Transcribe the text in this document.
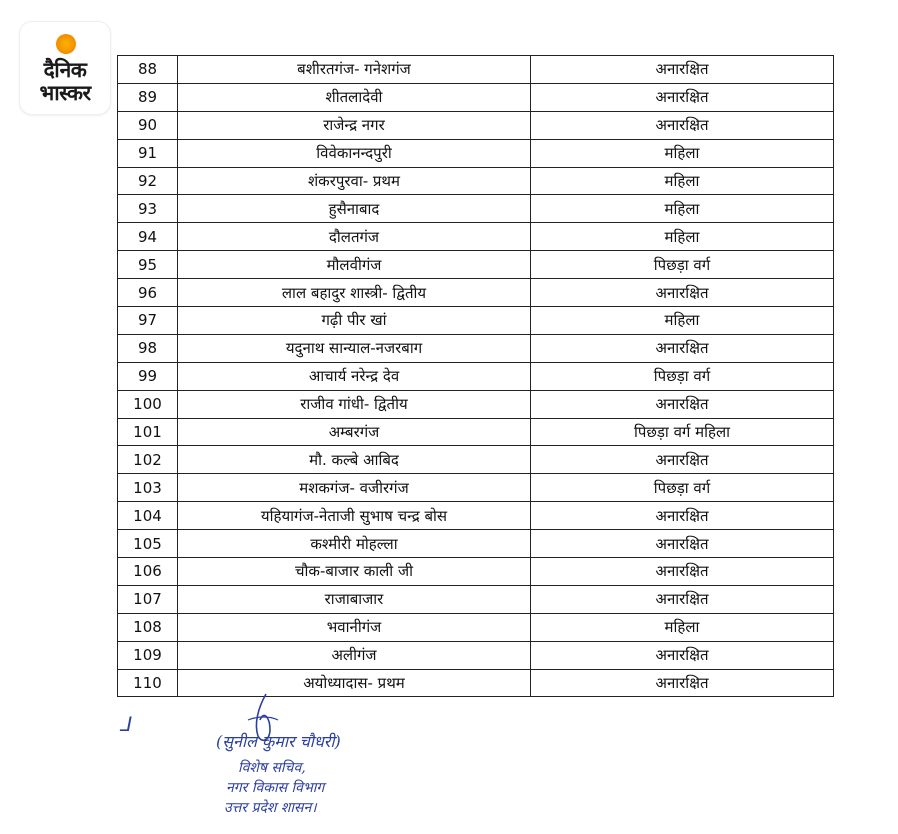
दैनिक
भास्कर
88	बशीरतगंज- गनेशगंज	अनारक्षित
89	शीतलादेवी	अनारक्षित
90	राजेन्द्र नगर	अनारक्षित
91	विवेकानन्दपुरी	महिला
92	शंकरपुरवा- प्रथम	महिला
93	हुसैनाबाद	महिला
94	दौलतगंज	महिला
95	मौलवीगंज	पिछड़ा वर्ग
96	लाल बहादुर शास्त्री- द्वितीय	अनारक्षित
97	गढ़ी पीर खां	महिला
98	यदुनाथ सान्याल-नजरबाग	अनारक्षित
99	आचार्य नरेन्द्र देव	पिछड़ा वर्ग
100	राजीव गांधी- द्वितीय	अनारक्षित
101	अम्बरगंज	पिछड़ा वर्ग महिला
102	मौ. कल्बे आबिद	अनारक्षित
103	मशकगंज- वजीरगंज	पिछड़ा वर्ग
104	यहियागंज-नेताजी सुभाष चन्द्र बोस	अनारक्षित
105	कश्मीरी मोहल्ला	अनारक्षित
106	चौक-बाजार काली जी	अनारक्षित
107	राजाबाजार	अनारक्षित
108	भवानीगंज	महिला
109	अलीगंज	अनारक्षित
110	अयोध्यादास- प्रथम	अनारक्षित
ᒧ
(सुनील कुमार चौधरी)
विशेष सचिव,
नगर विकास विभाग
उत्तर प्रदेश शासन।
